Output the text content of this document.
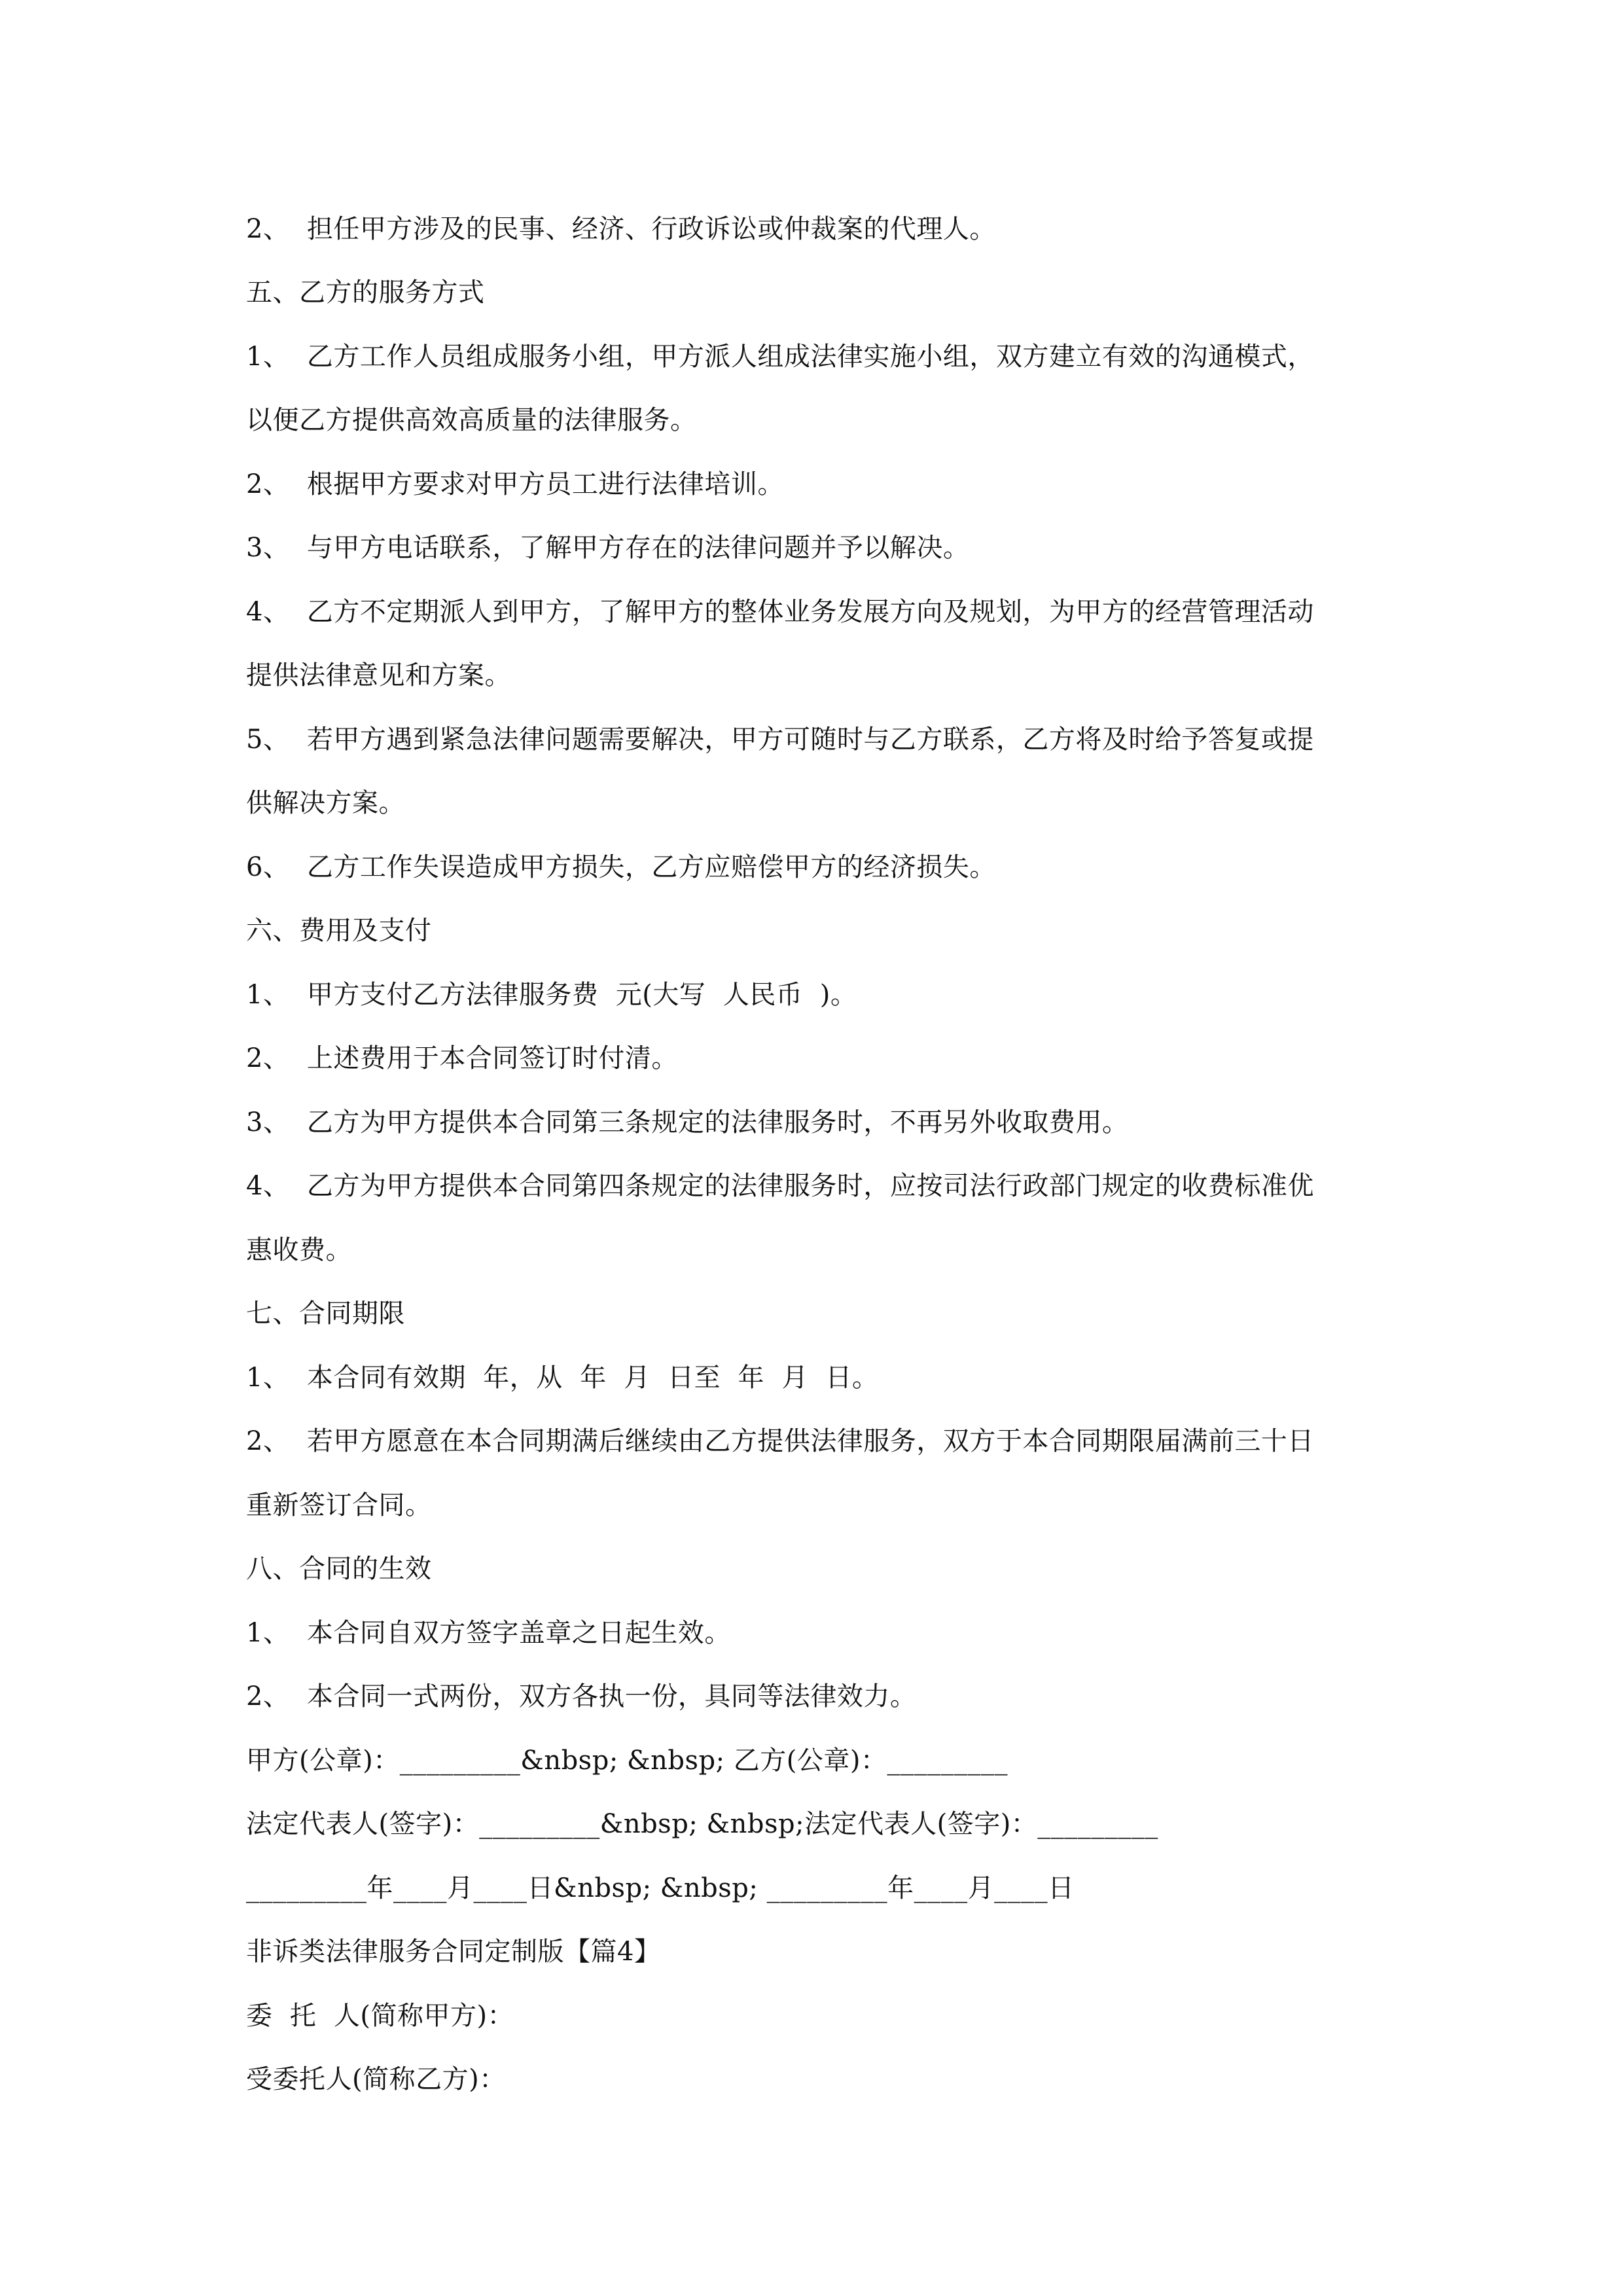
2、  担任甲方涉及的民事、经济、行政诉讼或仲裁案的代理人。
五、乙方的服务方式
1、  乙方工作人员组成服务小组，甲方派人组成法律实施小组，双方建立有效的沟通模式，
以便乙方提供高效高质量的法律服务。
2、  根据甲方要求对甲方员工进行法律培训。
3、  与甲方电话联系，了解甲方存在的法律问题并予以解决。
4、  乙方不定期派人到甲方，了解甲方的整体业务发展方向及规划，为甲方的经营管理活动
提供法律意见和方案。
5、  若甲方遇到紧急法律问题需要解决，甲方可随时与乙方联系，乙方将及时给予答复或提
供解决方案。
6、  乙方工作失误造成甲方损失，乙方应赔偿甲方的经济损失。
六、费用及支付
1、  甲方支付乙方法律服务费  元(大写  人民币  )。
2、  上述费用于本合同签订时付清。
3、  乙方为甲方提供本合同第三条规定的法律服务时，不再另外收取费用。
4、  乙方为甲方提供本合同第四条规定的法律服务时，应按司法行政部门规定的收费标准优
惠收费。
七、合同期限
1、  本合同有效期  年，从  年  月  日至  年  月  日。
2、  若甲方愿意在本合同期满后继续由乙方提供法律服务，双方于本合同期限届满前三十日
重新签订合同。
八、合同的生效
1、  本合同自双方签字盖章之日起生效。
2、  本合同一式两份，双方各执一份，具同等法律效力。
甲方(公章)：_________&nbsp; &nbsp; 乙方(公章)：_________
法定代表人(签字)：_________&nbsp; &nbsp;法定代表人(签字)：_________
_________年____月____日&nbsp; &nbsp; _________年____月____日
非诉类法律服务合同定制版【篇4】
委  托  人(简称甲方)：
受委托人(简称乙方)：
